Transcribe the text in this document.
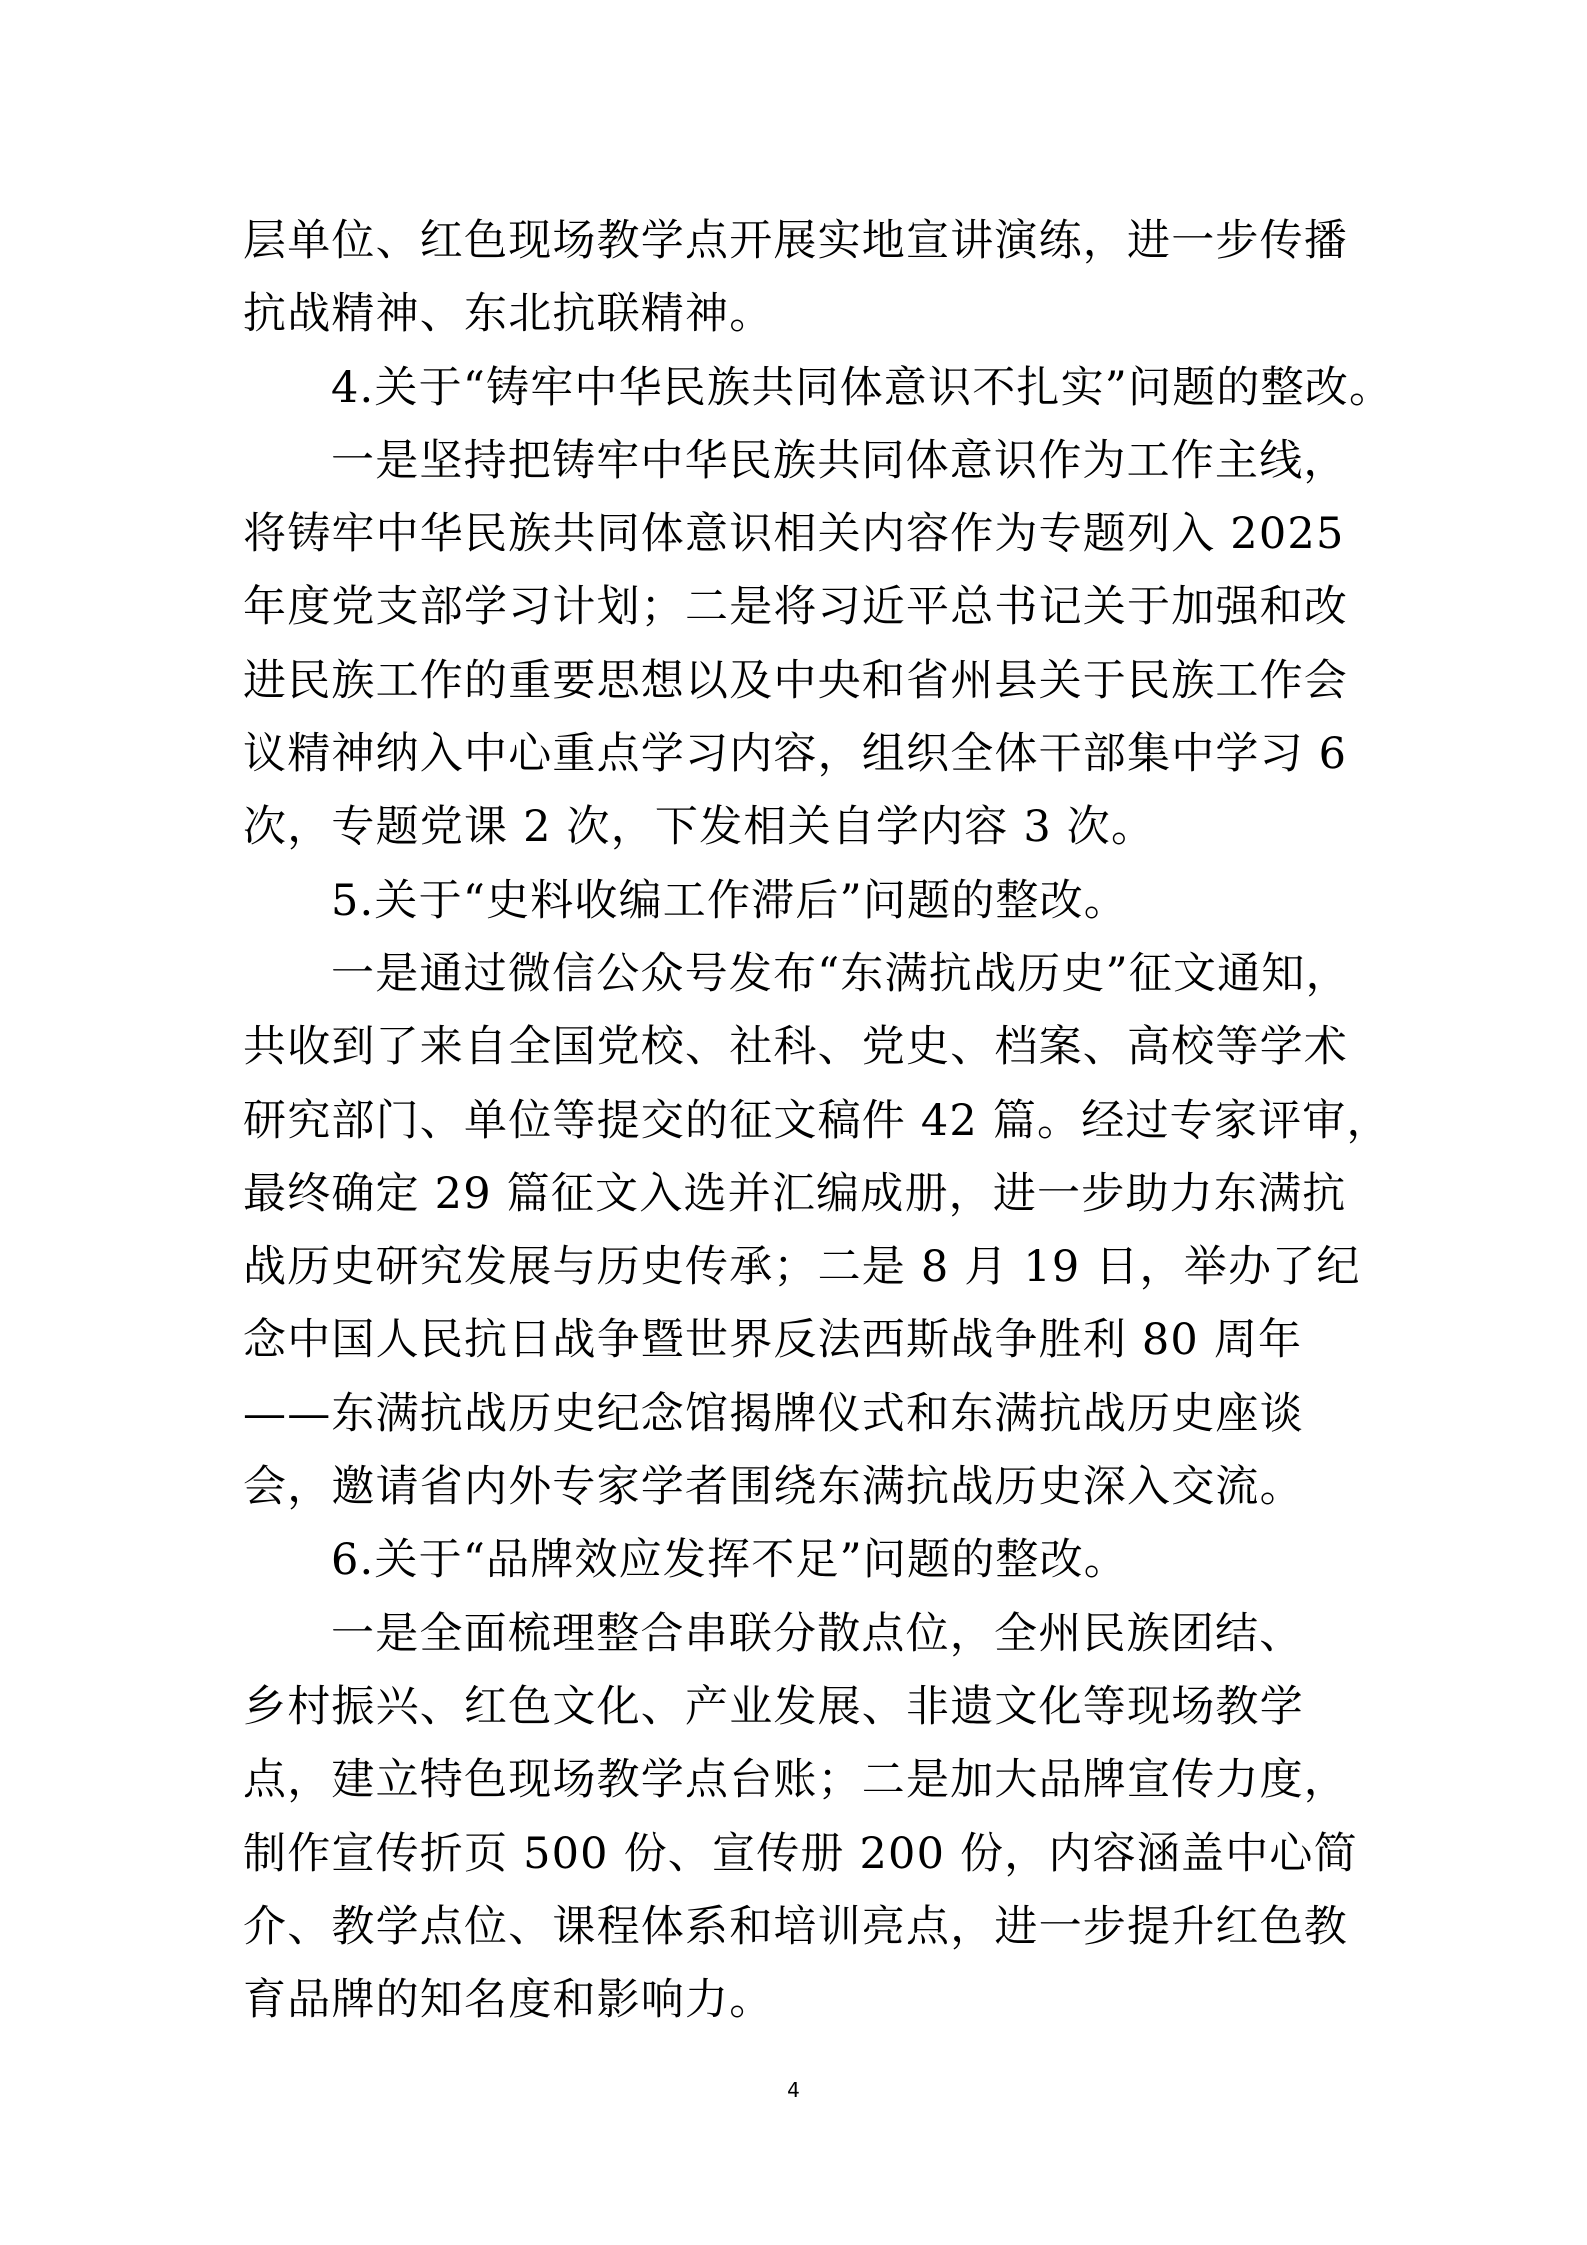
层单位、红色现场教学点开展实地宣讲演练，进一步传播
抗战精神、东北抗联精神。
4.关于“铸牢中华民族共同体意识不扎实”问题的整改。
一是坚持把铸牢中华民族共同体意识作为工作主线，
将铸牢中华民族共同体意识相关内容作为专题列入 2025
年度党支部学习计划；二是将习近平总书记关于加强和改
进民族工作的重要思想以及中央和省州县关于民族工作会
议精神纳入中心重点学习内容，组织全体干部集中学习 6
次，专题党课 2 次，下发相关自学内容 3 次。
5.关于“史料收编工作滞后”问题的整改。
一是通过微信公众号发布“东满抗战历史”征文通知，
共收到了来自全国党校、社科、党史、档案、高校等学术
研究部门、单位等提交的征文稿件 42 篇。经过专家评审，
最终确定 29 篇征文入选并汇编成册，进一步助力东满抗
战历史研究发展与历史传承；二是 8 月 19 日，举办了纪
念中国人民抗日战争暨世界反法西斯战争胜利 80 周年
——东满抗战历史纪念馆揭牌仪式和东满抗战历史座谈
会，邀请省内外专家学者围绕东满抗战历史深入交流。
6.关于“品牌效应发挥不足”问题的整改。
一是全面梳理整合串联分散点位，全州民族团结、
乡村振兴、红色文化、产业发展、非遗文化等现场教学
点，建立特色现场教学点台账；二是加大品牌宣传力度，
制作宣传折页 500 份、宣传册 200 份，内容涵盖中心简
介、教学点位、课程体系和培训亮点，进一步提升红色教
育品牌的知名度和影响力。
4
